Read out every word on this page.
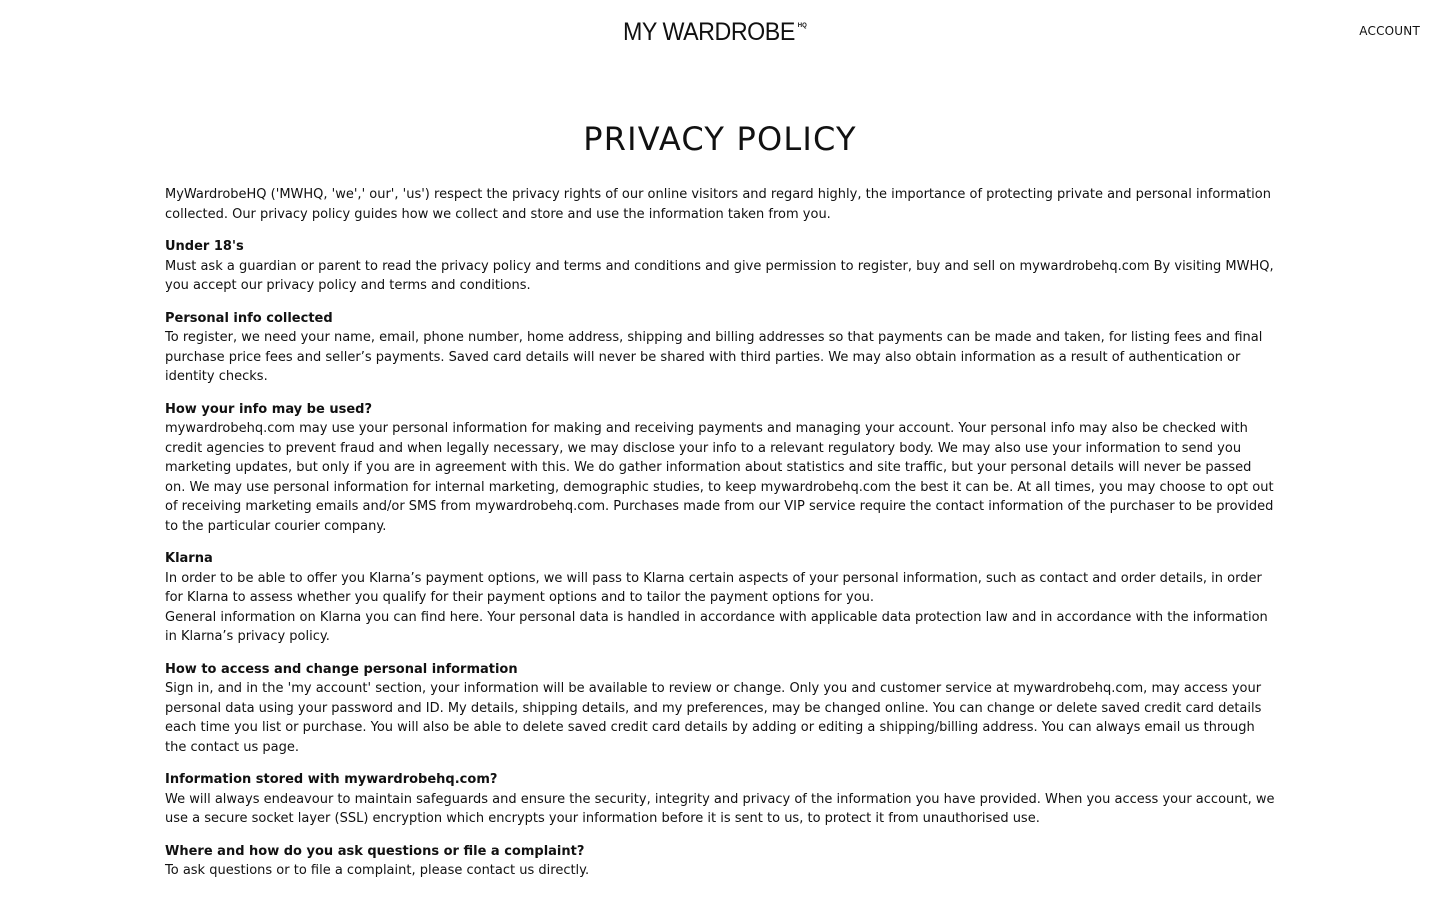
MY WARDROBE HQ	ACCOUNT
PRIVACY POLICY

MyWardrobeHQ ('MWHQ, 'we',' our', 'us') respect the privacy rights of our online visitors and regard highly, the importance of protecting private and personal information collected. Our privacy policy guides how we collect and store and use the information taken from you.

Under 18's
Must ask a guardian or parent to read the privacy policy and terms and conditions and give permission to register, buy and sell on mywardrobehq.com By visiting MWHQ, you accept our privacy policy and terms and conditions.

Personal info collected
To register, we need your name, email, phone number, home address, shipping and billing addresses so that payments can be made and taken, for listing fees and final purchase price fees and seller’s payments. Saved card details will never be shared with third parties. We may also obtain information as a result of authentication or identity checks.

How your info may be used?
mywardrobehq.com may use your personal information for making and receiving payments and managing your account. Your personal info may also be checked with credit agencies to prevent fraud and when legally necessary, we may disclose your info to a relevant regulatory body. We may also use your information to send you marketing updates, but only if you are in agreement with this. We do gather information about statistics and site traffic, but your personal details will never be passed on. We may use personal information for internal marketing, demographic studies, to keep mywardrobehq.com the best it can be. At all times, you may choose to opt out of receiving marketing emails and/or SMS from mywardrobehq.com. Purchases made from our VIP service require the contact information of the purchaser to be provided to the particular courier company.

Klarna
In order to be able to offer you Klarna’s payment options, we will pass to Klarna certain aspects of your personal information, such as contact and order details, in order for Klarna to assess whether you qualify for their payment options and to tailor the payment options for you.
General information on Klarna you can find here. Your personal data is handled in accordance with applicable data protection law and in accordance with the information in Klarna’s privacy policy.

How to access and change personal information
Sign in, and in the 'my account' section, your information will be available to review or change. Only you and customer service at mywardrobehq.com, may access your personal data using your password and ID. My details, shipping details, and my preferences, may be changed online. You can change or delete saved credit card details each time you list or purchase. You will also be able to delete saved credit card details by adding or editing a shipping/billing address. You can always email us through the contact us page.

Information stored with mywardrobehq.com?
We will always endeavour to maintain safeguards and ensure the security, integrity and privacy of the information you have provided. When you access your account, we use a secure socket layer (SSL) encryption which encrypts your information before it is sent to us, to protect it from unauthorised use.

Where and how do you ask questions or file a complaint?
To ask questions or to file a complaint, please contact us directly.
